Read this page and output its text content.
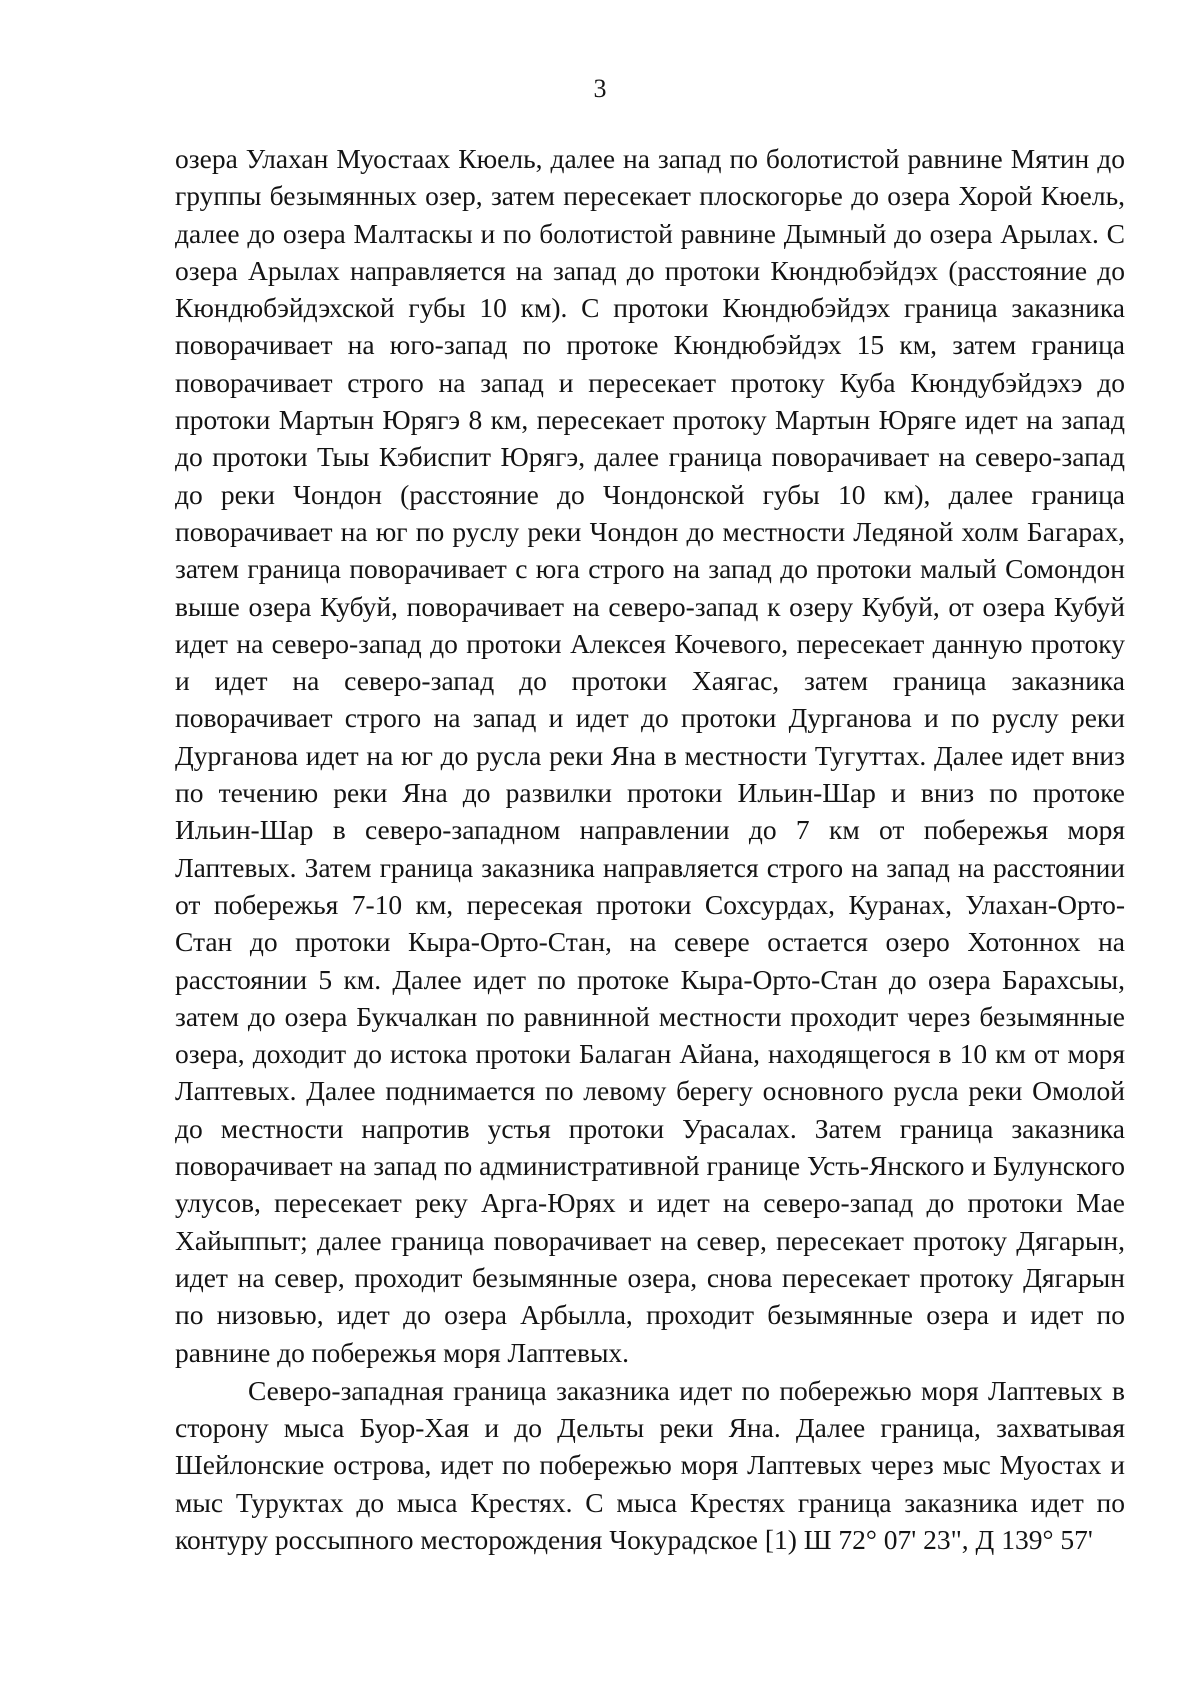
3

озера Улахан Муостаах Кюель, далее на запад по болотистой равнине Мятин до группы безымянных озер, затем пересекает плоскогорье до озера Хорой Кюель, далее до озера Малтаскы и по болотистой равнине Дымный до озера Арылах. С озера Арылах направляется на запад до протоки Кюндюбэйдэх (расстояние до Кюндюбэйдэхской губы 10 км). С протоки Кюндюбэйдэх граница заказника поворачивает на юго-запад по протоке Кюндюбэйдэх 15 км, затем граница поворачивает строго на запад и пересекает протоку Куба Кюндубэйдэхэ до протоки Мартын Юрягэ 8 км, пересекает протоку Мартын Юряге идет на запад до протоки Тыы Кэбиспит Юрягэ, далее граница поворачивает на северо-запад до реки Чондон (расстояние до Чондонской губы 10 км), далее граница поворачивает на юг по руслу реки Чондон до местности Ледяной холм Багарах, затем граница поворачивает с юга строго на запад до протоки малый Сомондон выше озера Кубуй, поворачивает на северо-запад к озеру Кубуй, от озера Кубуй идет на северо-запад до протоки Алексея Кочевого, пересекает данную протоку и идет на северо-запад до протоки Хаягас, затем граница заказника поворачивает строго на запад и идет до протоки Дурганова и по руслу реки Дурганова идет на юг до русла реки Яна в местности Тугуттах. Далее идет вниз по течению реки Яна до развилки протоки Ильин-Шар и вниз по протоке Ильин-Шар в северо-западном направлении до 7 км от побережья моря Лаптевых. Затем граница заказника направляется строго на запад на расстоянии от побережья 7-10 км, пересекая протоки Сохсурдах, Куранах, Улахан-Орто-Стан до протоки Кыра-Орто-Стан, на севере остается озеро Хотоннох на расстоянии 5 км. Далее идет по протоке Кыра-Орто-Стан до озера Барахсыы, затем до озера Букчалкан по равнинной местности проходит через безымянные озера, доходит до истока протоки Балаган Айана, находящегося в 10 км от моря Лаптевых. Далее поднимается по левому берегу основного русла реки Омолой до местности напротив устья протоки Урасалах. Затем граница заказника поворачивает на запад по административной границе Усть-Янского и Булунского улусов, пересекает реку Арга-Юрях и идет на северо-запад до протоки Мае Хайыппыт; далее граница поворачивает на север, пересекает протоку Дягарын, идет на север, проходит безымянные озера, снова пересекает протоку Дягарын по низовью, идет до озера Арбылла, проходит безымянные озера и идет по равнине до побережья моря Лаптевых.

Северо-западная граница заказника идет по побережью моря Лаптевых в сторону мыса Буор-Хая и до Дельты реки Яна. Далее граница, захватывая Шейлонские острова, идет по побережью моря Лаптевых через мыс Муостах и мыс Туруктах до мыса Крестях. С мыса Крестях граница заказника идет по контуру россыпного месторождения Чокурадское [1) Ш 72° 07' 23", Д 139° 57'
